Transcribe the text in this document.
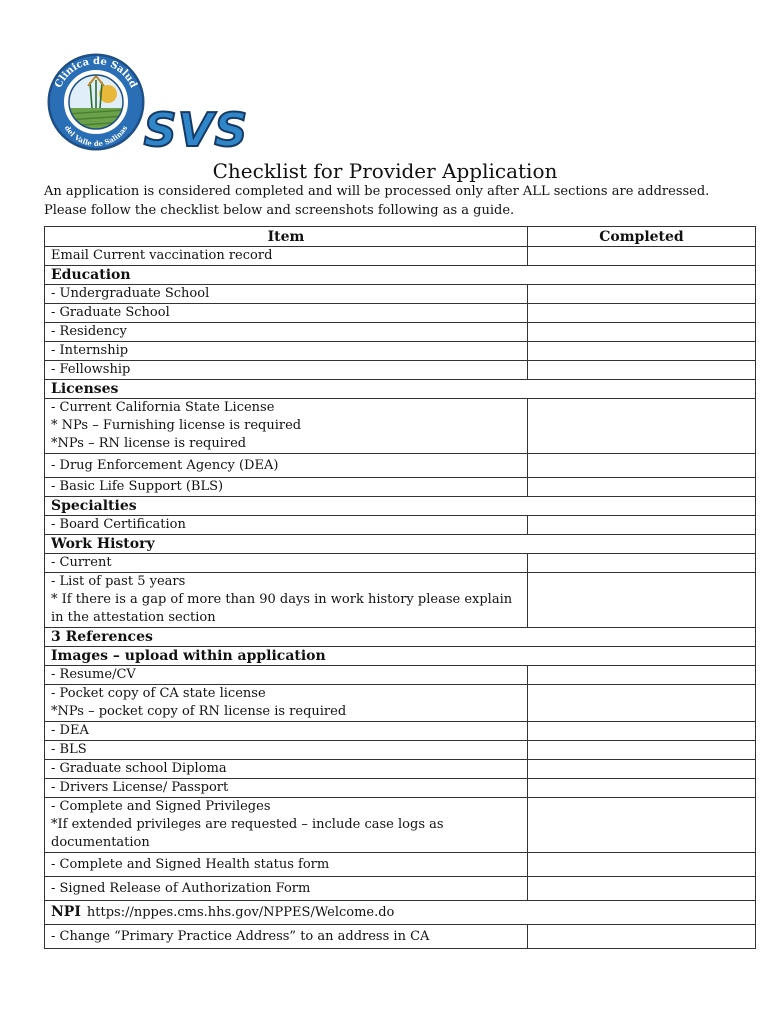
Clinica de Salud
del Valle de Salinas SVS
Checklist for Provider Application
An application is considered completed and will be processed only after ALL sections are addressed.
Please follow the checklist below and screenshots following as a guide.
Item	Completed
Email Current vaccination record	
Education	
- Undergraduate School	
- Graduate School	
- Residency	
- Internship	
- Fellowship	
Licenses	
- Current California State License
* NPs – Furnishing license is required
*NPs – RN license is required	
- Drug Enforcement Agency (DEA)	
- Basic Life Support (BLS)	
Specialties	
- Board Certification	
Work History	
- Current	
- List of past 5 years
* If there is a gap of more than 90 days in work history please explain in the attestation section	
3 References	
Images – upload within application	
- Resume/CV	
- Pocket copy of CA state license
*NPs – pocket copy of RN license is required	
- DEA	
- BLS	
- Graduate school Diploma	
- Drivers License/ Passport	
- Complete and Signed Privileges
*If extended privileges are requested – include case logs as documentation	
- Complete and Signed Health status form	
- Signed Release of Authorization Form	
NPI https://nppes.cms.hhs.gov/NPPES/Welcome.do	
- Change “Primary Practice Address” to an address in CA	
